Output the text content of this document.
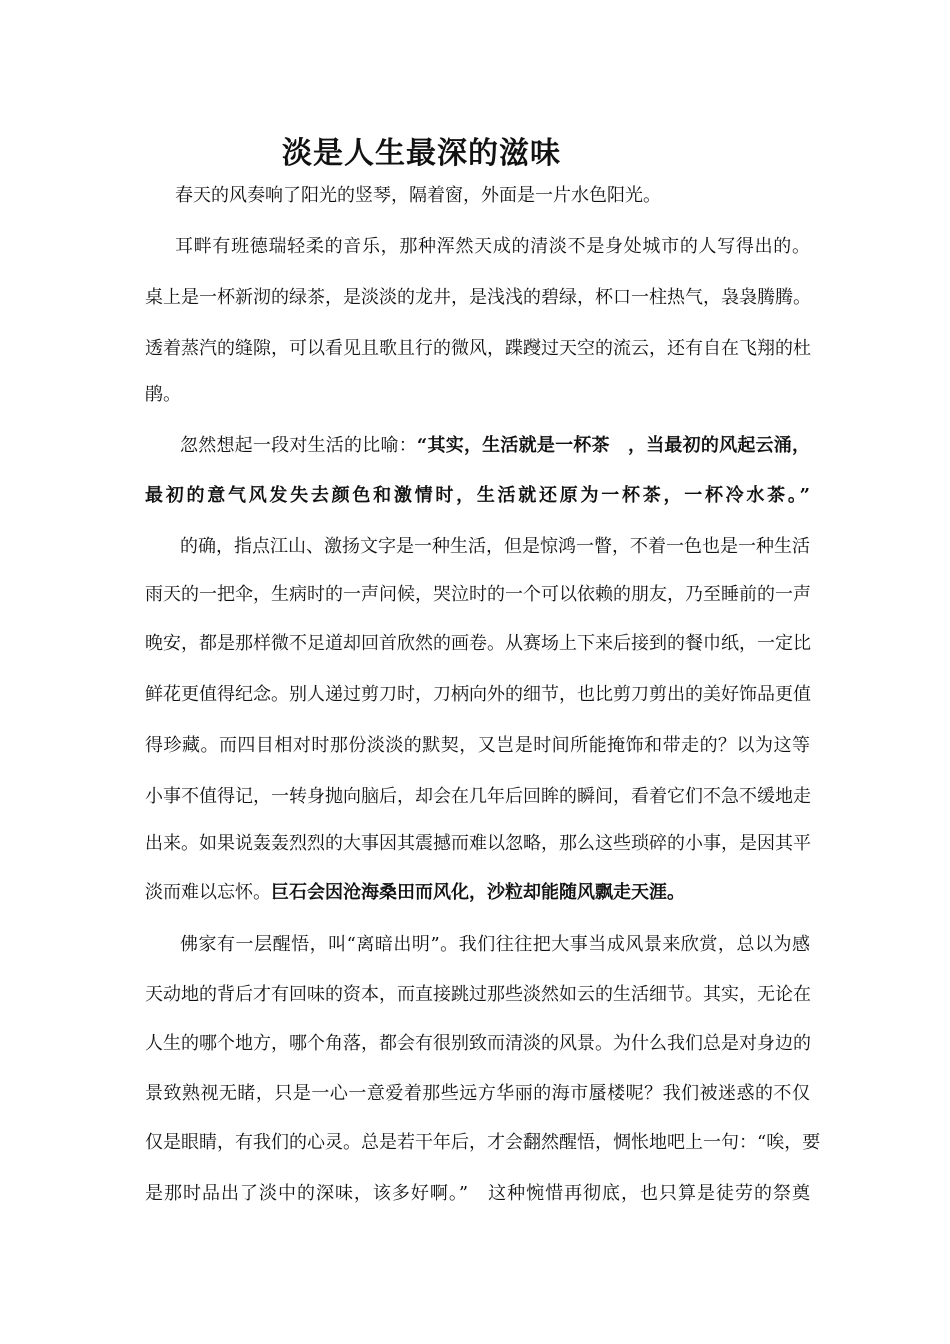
淡是人生最深的滋味
春天的风奏响了阳光的竖琴，隔着窗，外面是一片水色阳光。
耳畔有班德瑞轻柔的音乐，那种浑然天成的清淡不是身处城市的人写得出的。
桌上是一杯新沏的绿茶，是淡淡的龙井，是浅浅的碧绿，杯口一柱热气，袅袅腾腾。
透着蒸汽的缝隙，可以看见且歌且行的微风，蹀躞过天空的流云，还有自在飞翔的杜
鹃。
忽然想起一段对生活的比喻：“其实，生活就是一杯茶　，当最初的风起云涌，
最初的意气风发失去颜色和激情时，生活就还原为一杯茶，一杯冷水茶。”
的确，指点江山、激扬文字是一种生活，但是惊鸿一瞥，不着一色也是一种生活
雨天的一把伞，生病时的一声问候，哭泣时的一个可以依赖的朋友，乃至睡前的一声
晚安，都是那样微不足道却回首欣然的画卷。从赛场上下来后接到的餐巾纸，一定比
鲜花更值得纪念。别人递过剪刀时，刀柄向外的细节，也比剪刀剪出的美好饰品更值
得珍藏。而四目相对时那份淡淡的默契，又岂是时间所能掩饰和带走的？以为这等
小事不值得记，一转身抛向脑后，却会在几年后回眸的瞬间，看着它们不急不缓地走
出来。如果说轰轰烈烈的大事因其震撼而难以忽略，那么这些琐碎的小事，是因其平
淡而难以忘怀。巨石会因沧海桑田而风化，沙粒却能随风飘走天涯。
佛家有一层醒悟，叫“离暗出明”。我们往往把大事当成风景来欣赏，总以为感
天动地的背后才有回味的资本，而直接跳过那些淡然如云的生活细节。其实，无论在
人生的哪个地方，哪个角落，都会有很别致而清淡的风景。为什么我们总是对身边的
景致熟视无睹，只是一心一意爱着那些远方华丽的海市蜃楼呢？我们被迷惑的不仅
仅是眼睛，有我们的心灵。总是若干年后，才会翻然醒悟，惆怅地吧上一句：“唉，要
是那时品出了淡中的深味，该多好啊。”　这种惋惜再彻底，也只算是徒劳的祭奠
